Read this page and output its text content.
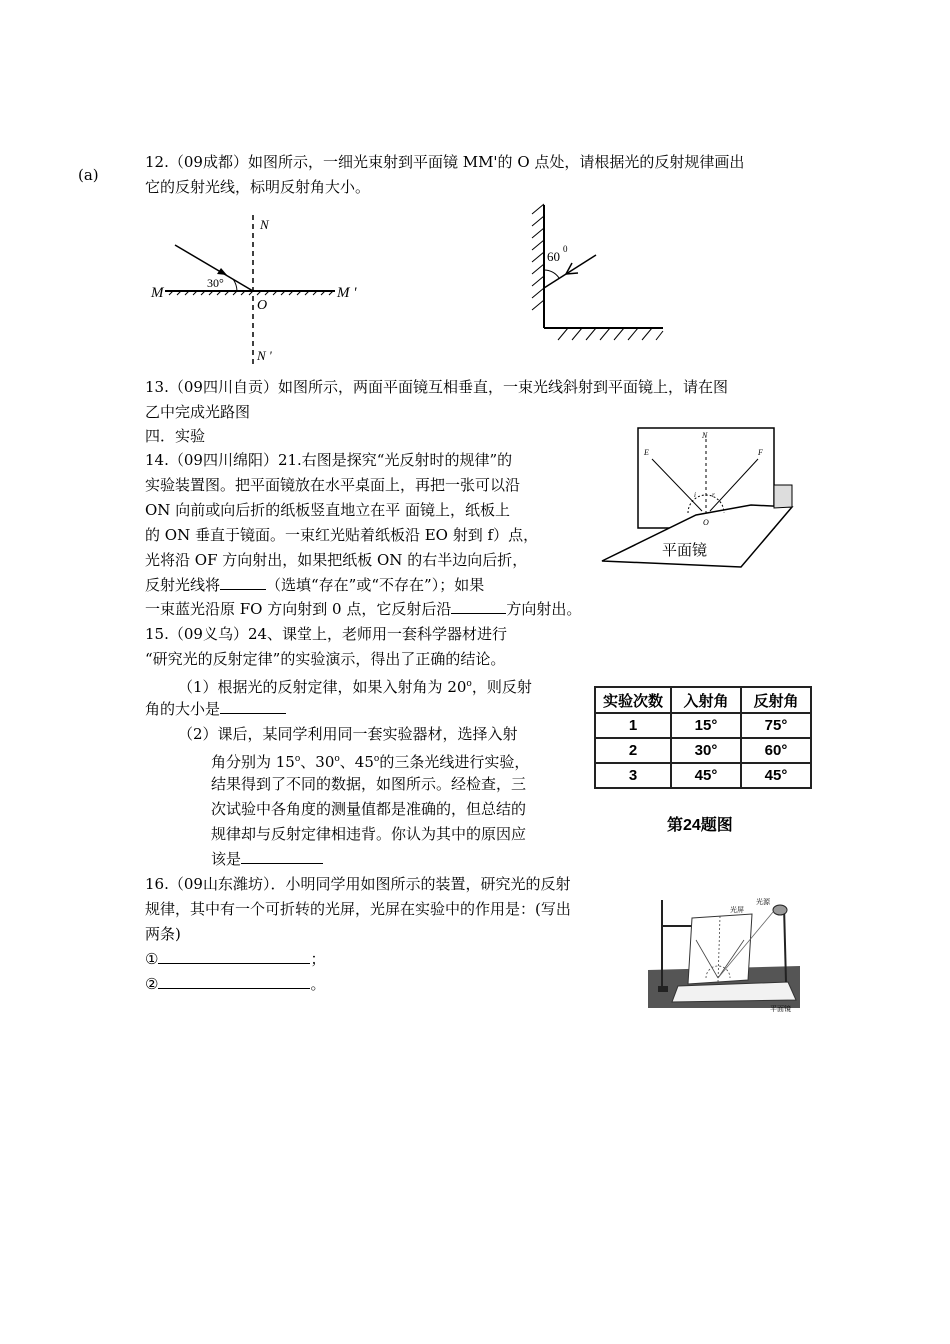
(a)
12.（09成都）如图所示，一细光束射到平面镜 MM'的 O 点处，请根据光的反射规律画出
它的反射光线，标明反射角大小。
N
N '
M	M '
O
30°
60 0
13.（09四川自贡）如图所示，两面平面镜互相垂直，一束光线斜射到平面镜上，请在图
乙中完成光路图
四．实验
14.（09四川绵阳）21.右图是探究“光反射时的规律”的
实验装置图。把平面镜放在水平桌面上，再把一张可以沿
ON 向前或向后折的纸板竖直地立在平 面镜上，纸板上
的 ON 垂直于镜面。一束红光贴着纸板沿 EO 射到 f）点，
光将沿 OF 方向射出，如果把纸板 ON 的右半边向后折，
反射光线将	（选填“存在”或“不存在”）；如果
一束蓝光沿原 FO 方向射到 0 点，它反射后沿	方向射出。
N
E	F
O
i r
平面镜
15.（09义乌）24、课堂上，老师用一套科学器材进行
“研究光的反射定律”的实验演示，得出了正确的结论。
（1）根据光的反射定律，如果入射角为 20$^o$，则反射
角的大小是
（2）课后，某同学利用同一套实验器材，选择入射
角分别为 15$^o$、30$^o$、45$^o$的三条光线进行实验，
结果得到了不同的数据，如图所示。经检查，三
次试验中各角度的测量值都是准确的，但总结的
规律却与反射定律相违背。你认为其中的原因应
该是
实验次数	入射角	反射角
1	15°	75°
2	30°	60°
3	45°	45°
第24题图
16.（09山东潍坊）．小明同学用如图所示的装置，研究光的反射
规律，其中有一个可折转的光屏，光屏在实验中的作用是：(写出
两条)
①	；
②	。
光屏
光源
平面镜
